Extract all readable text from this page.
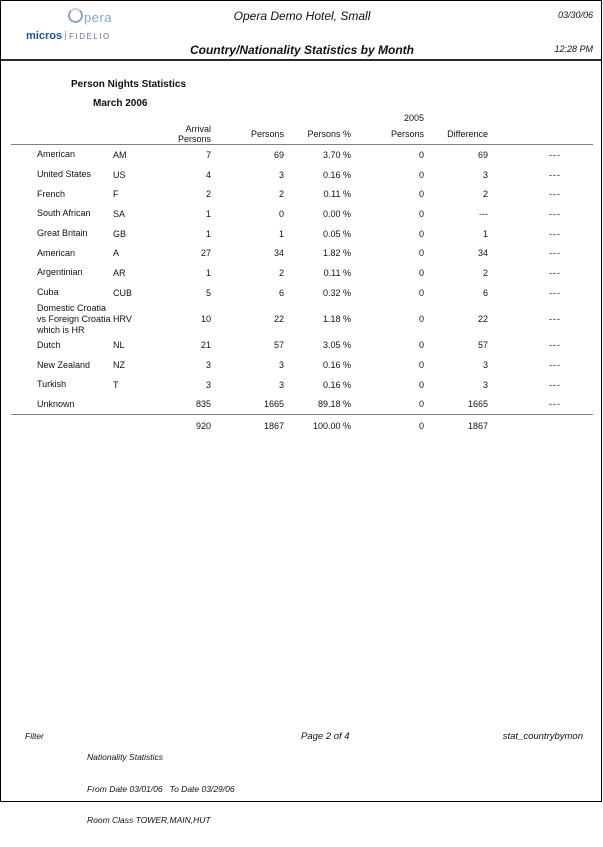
pera
micros FIDELIO
Opera Demo Hotel, Small	03/30/06
Country/Nationality Statistics by Month	12:28 PM
Person Nights Statistics
March 2006
					2005		
		Arrival Persons	Persons	Persons %	Persons	Difference	
American	AM	7	69	3.70 %	0	69	---
United States	US	4	3	0.16 %	0	3	---
French	F	2	2	0.11 %	0	2	---
South African	SA	1	0	0.00 %	0	---	---
Great Britain	GB	1	1	0.05 %	0	1	---
American	A	27	34	1.82 %	0	34	---
Argentinian	AR	1	2	0.11 %	0	2	---
Cuba	CUB	5	6	0.32 %	0	6	---
Domestic Croatia vs Foreign Croatia which is HR	HRV	10	22	1.18 %	0	22	---
Dutch	NL	21	57	3.05 %	0	57	---
New Zealand	NZ	3	3	0.16 %	0	3	---
Turkish	T	3	3	0.16 %	0	3	---
Unknown		835	1665	89.18 %	0	1665	---
		920	1867	100.00 %	0	1867	
Filter

Nationality Statistics

From Date 03/01/06   To Date 03/29/06

Room Class TOWER,MAIN,HUT

Page 2 of 4	stat_countrybymon
